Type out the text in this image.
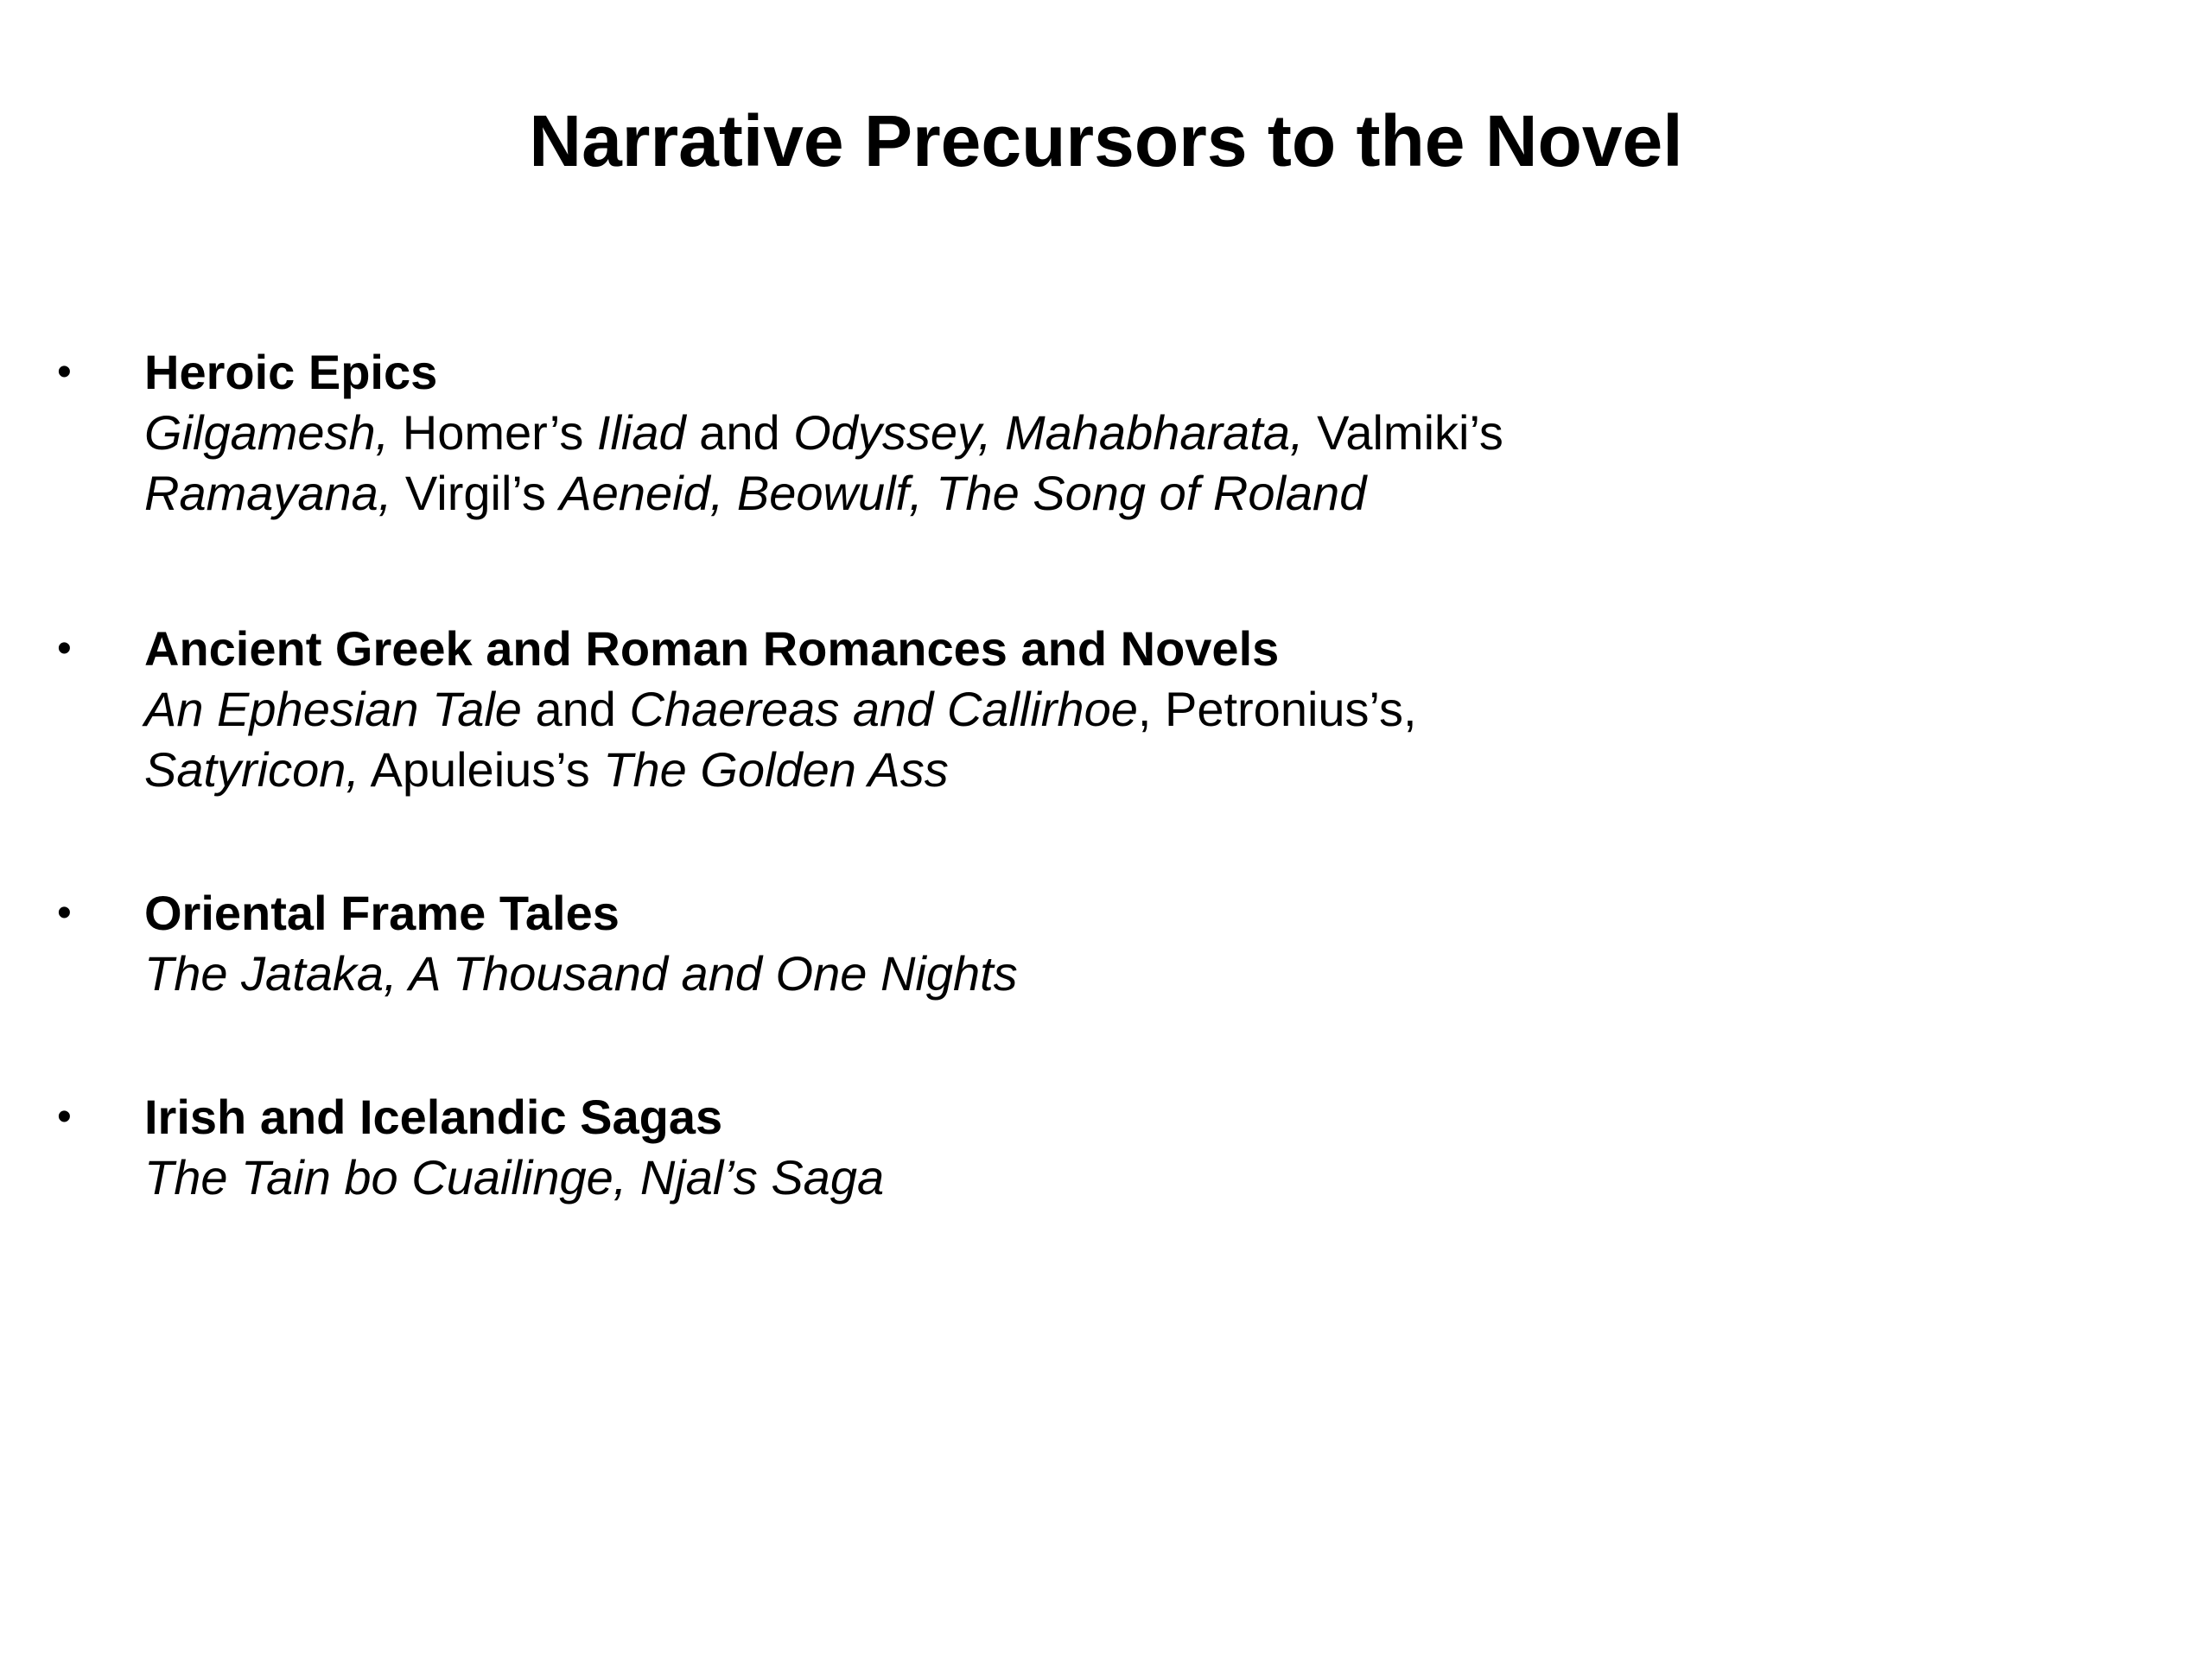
Narrative Precursors to the Novel
•	Heroic Epics
Gilgamesh, Homer’s Iliad and Odyssey, Mahabharata, Valmiki’s Ramayana, Virgil’s Aeneid, Beowulf, The Song of Roland
•	Ancient Greek and Roman Romances and Novels
An Ephesian Tale and Chaereas and Callirhoe, Petronius’s, Satyricon, Apuleius’s The Golden Ass
•	Oriental Frame Tales
The Jataka, A Thousand and One Nights
•	Irish and Icelandic Sagas
The Tain bo Cuailinge, Njal’s Saga
